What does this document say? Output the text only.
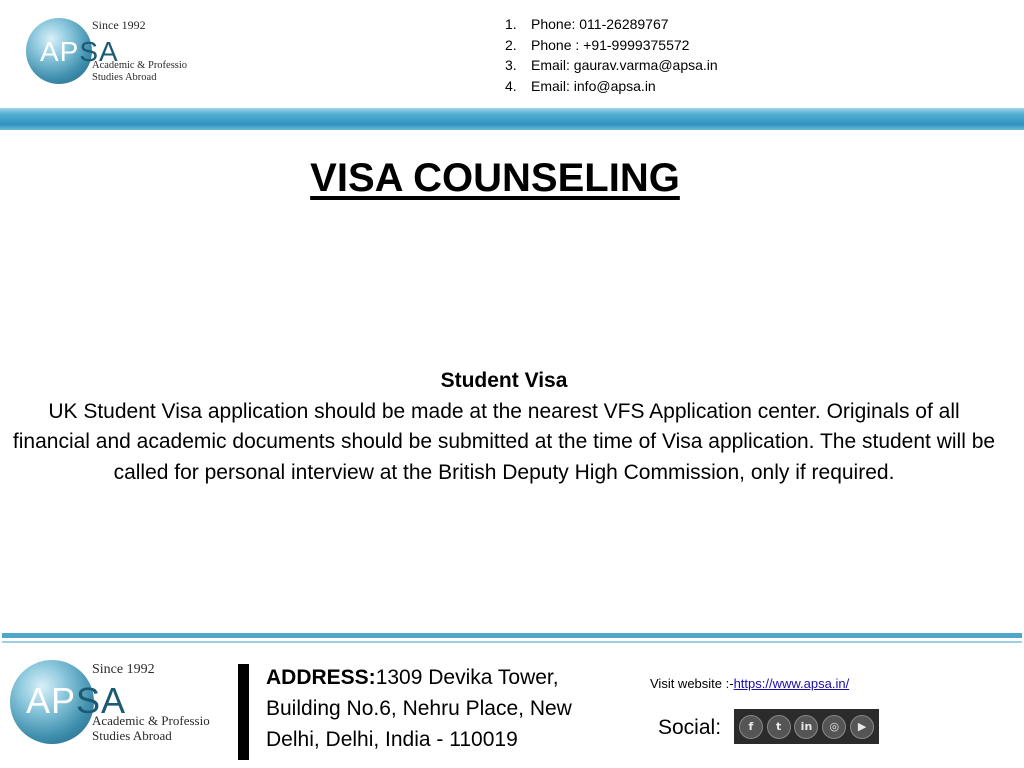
APSA
Since 1992
Academic & Professio
Studies Abroad
1.	Phone: 011-26289767
2.	Phone : +91-9999375572
3.	Email: gaurav.varma@apsa.in
4.	Email: info@apsa.in
VISA COUNSELING
Student Visa
UK Student Visa application should be made at the nearest VFS Application center. Originals of all financial and academic documents should be submitted at the time of Visa application. The student will be called for personal interview at the British Deputy High Commission, only if required.
APSA
Since 1992
Academic & Professio
Studies Abroad
ADDRESS:1309 Devika Tower, Building No.6, Nehru Place, New Delhi, Delhi, India - 110019
Visit website :-https://www.apsa.in/
Social:	f	t	in	◎	▶
